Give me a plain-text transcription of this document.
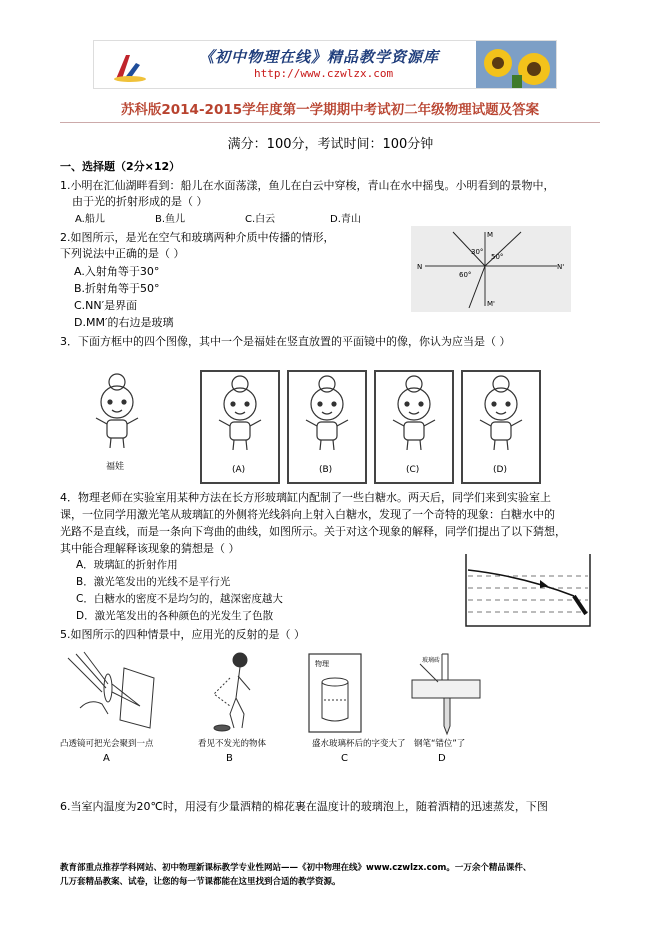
《初中物理在线》精品教学资源库
http://www.czwlzx.com
苏科版2014-2015学年度第一学期期中考试初二年级物理试题及答案
满分：100分，考试时间：100分钟
一、选择题（2分×12）
1.小明在汇仙湖畔看到：船儿在水面荡漾，鱼儿在白云中穿梭，青山在水中摇曳。小明看到的景物中，
由于光的折射形成的是（ ）
A.船儿	B.鱼儿	C.白云	D.青山
2.如图所示，是光在空气和玻璃两种介质中传播的情形，
下列说法中正确的是（ ）
A.入射角等于30°
B.折射角等于50°
C.NN′是界面
D.MM′的右边是玻璃
M
N	N'
M'
30°
50°
60°
3．下面方框中的四个图像，其中一个是福娃在竖直放置的平面镜中的像，你认为应当是（ ）
福娃	(A)	(B)	(C)	(D)
4．物理老师在实验室用某种方法在长方形玻璃缸内配制了一些白糖水。两天后，同学们来到实验室上
课，一位同学用激光笔从玻璃缸的外侧将光线斜向上射入白糖水，发现了一个奇特的现象：白糖水中的
光路不是直线，而是一条向下弯曲的曲线，如图所示。关于对这个现象的解释，同学们提出了以下猜想，
其中能合理解释该现象的猜想是（ ）
A．玻璃缸的折射作用
B．激光笔发出的光线不是平行光
C．白糖水的密度不是均匀的，越深密度越大
D．激光笔发出的各种颜色的光发生了色散
5.如图所示的四种情景中，应用光的反射的是（ ）
凸透镜可把光会聚到一点
A
看见不发光的物体
B
物理
盛水玻璃杯后的字变大了
C
玻璃砖
钢笔“错位”了
D
6.当室内温度为20℃时，用浸有少量酒精的棉花裹在温度计的玻璃泡上，随着酒精的迅速蒸发，下图
教育部重点推荐学科网站、初中物理新课标教学专业性网站——《初中物理在线》www.czwlzx.com。一万余个精品课件、
几万套精品教案、试卷，让您的每一节课都能在这里找到合适的教学资源。
